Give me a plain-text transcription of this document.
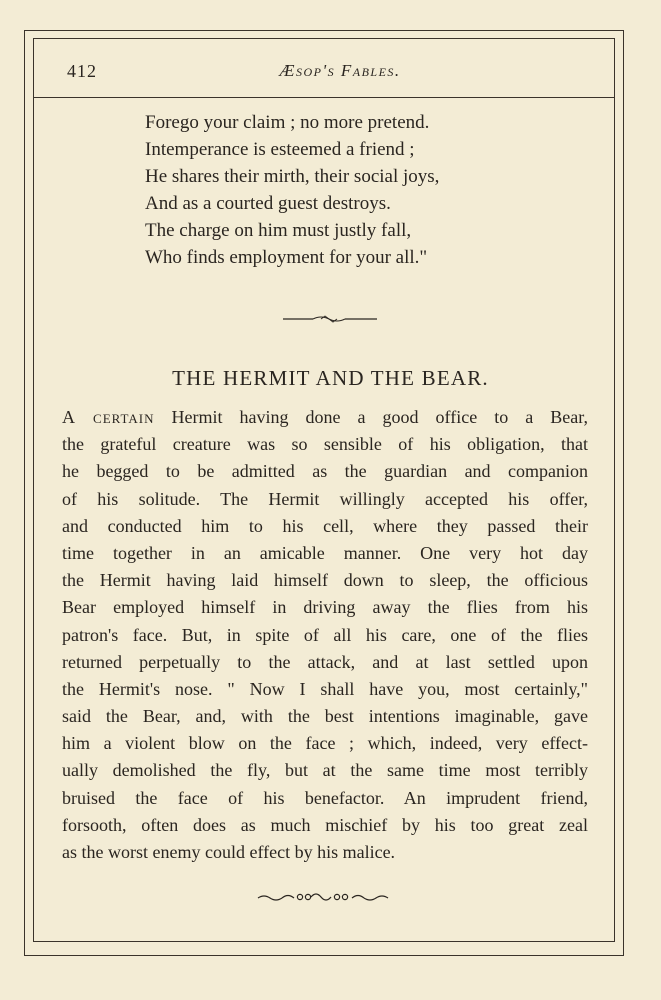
412	Æsop's Fables.
Forego your claim ; no more pretend.
Intemperance is esteemed a friend ;
He shares their mirth, their social joys,
And as a courted guest destroys.
The charge on him must justly fall,
Who finds employment for your all."
THE HERMIT AND THE BEAR.
A certain Hermit having done a good office to a Bear,
the grateful creature was so sensible of his obligation, that
he begged to be admitted as the guardian and companion
of his solitude. The Hermit willingly accepted his offer,
and conducted him to his cell, where they passed their
time together in an amicable manner. One very hot day
the Hermit having laid himself down to sleep, the officious
Bear employed himself in driving away the flies from his
patron's face. But, in spite of all his care, one of the flies
returned perpetually to the attack, and at last settled upon
the Hermit's nose. " Now I shall have you, most certainly,"
said the Bear, and, with the best intentions imaginable, gave
him a violent blow on the face ; which, indeed, very effect-
ually demolished the fly, but at the same time most terribly
bruised the face of his benefactor. An imprudent friend,
forsooth, often does as much mischief by his too great zeal
as the worst enemy could effect by his malice.
